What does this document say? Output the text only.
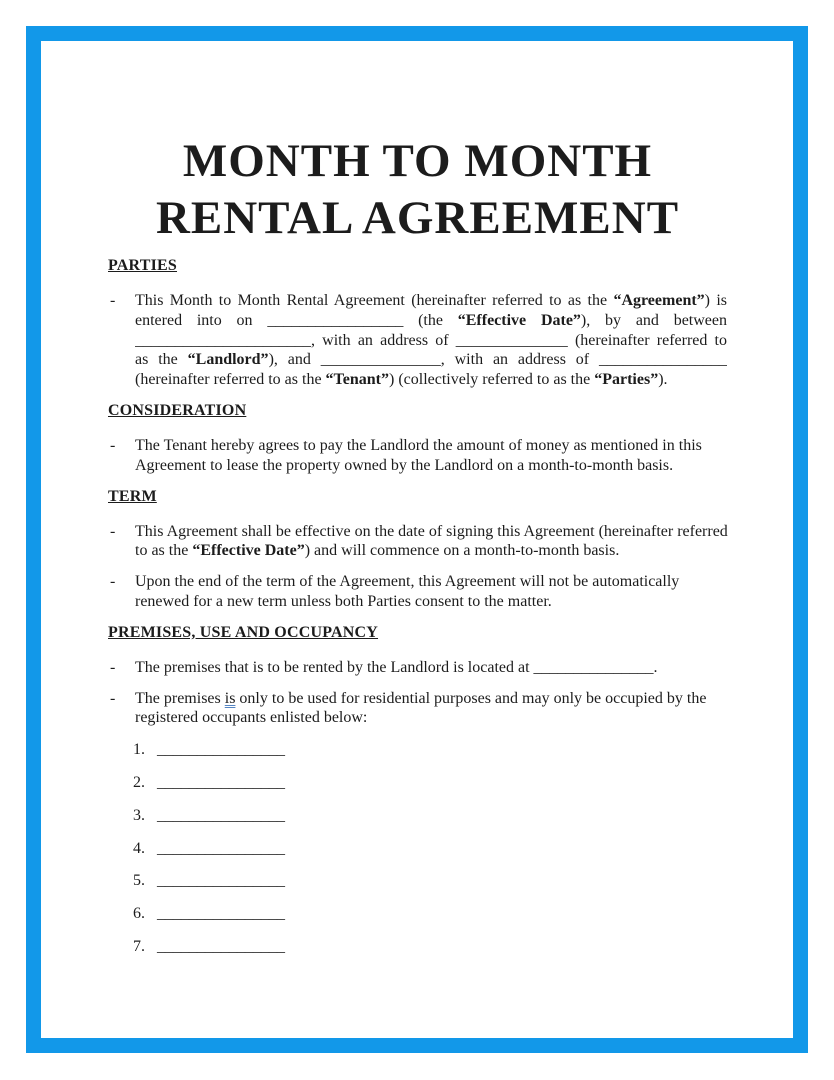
MONTH TO MONTH
RENTAL AGREEMENT
PARTIES
-	This Month to Month Rental Agreement (hereinafter referred to as the “Agreement”) is
entered into on _________________ (the “Effective Date”), by and between
______________________, with an address of ______________ (hereinafter referred to
as the “Landlord”), and _______________, with an address of ________________
(hereinafter referred to as the “Tenant”) (collectively referred to as the “Parties”).
CONSIDERATION
-	The Tenant hereby agrees to pay the Landlord the amount of money as mentioned in this
Agreement to lease the property owned by the Landlord on a month-to-month basis.
TERM
-	This Agreement shall be effective on the date of signing this Agreement (hereinafter referred
to as the “Effective Date”) and will commence on a month-to-month basis.
-	Upon the end of the term of the Agreement, this Agreement will not be automatically
renewed for a new term unless both Parties consent to the matter.
PREMISES, USE AND OCCUPANCY
-	The premises that is to be rented by the Landlord is located at _______________.
-	The premises is only to be used for residential purposes and may only be occupied by the
registered occupants enlisted below:
1. ________________
2. ________________
3. ________________
4. ________________
5. ________________
6. ________________
7. ________________
